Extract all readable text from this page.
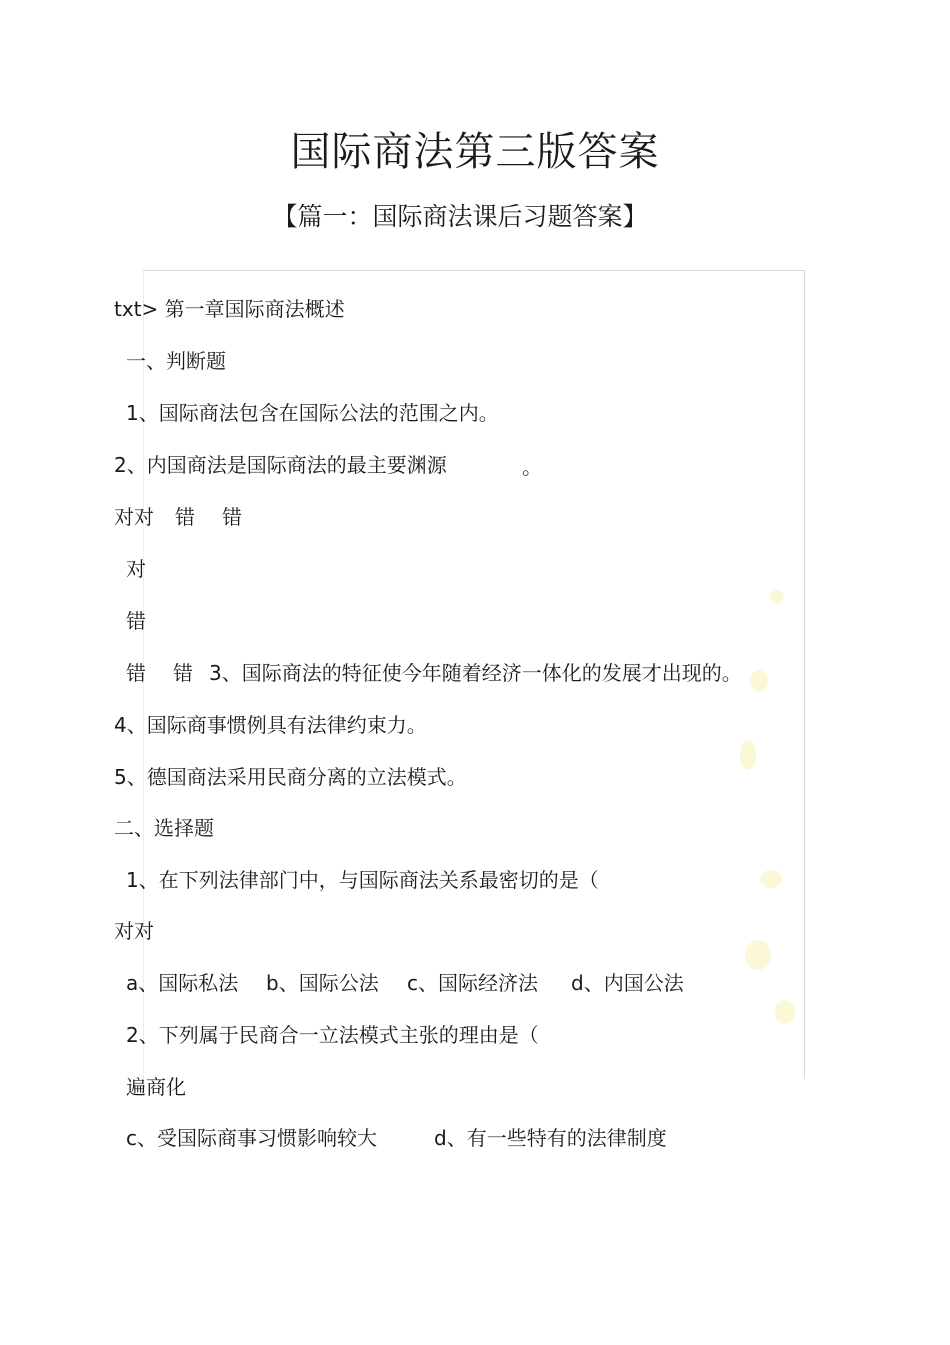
国际商法第三版答案
【篇一：国际商法课后习题答案】
txt> 第一章国际商法概述
一、判断题
1、国际商法包含在国际公法的范围之内。
2、内国商法是国际商法的最主要渊源	。
对对 错 错
对
错
错 错 3、国际商法的特征使今年随着经济一体化的发展才出现的。
4、国际商事惯例具有法律约束力。
5、德国商法采用民商分离的立法模式。
二、选择题
1、在下列法律部门中，与国际商法关系最密切的是（
对对
a、国际私法 b、国际公法 c、国际经济法 d、内国公法
2、下列属于民商合一立法模式主张的理由是（
遍商化
c、受国际商事习惯影响较大	d、有一些特有的法律制度
